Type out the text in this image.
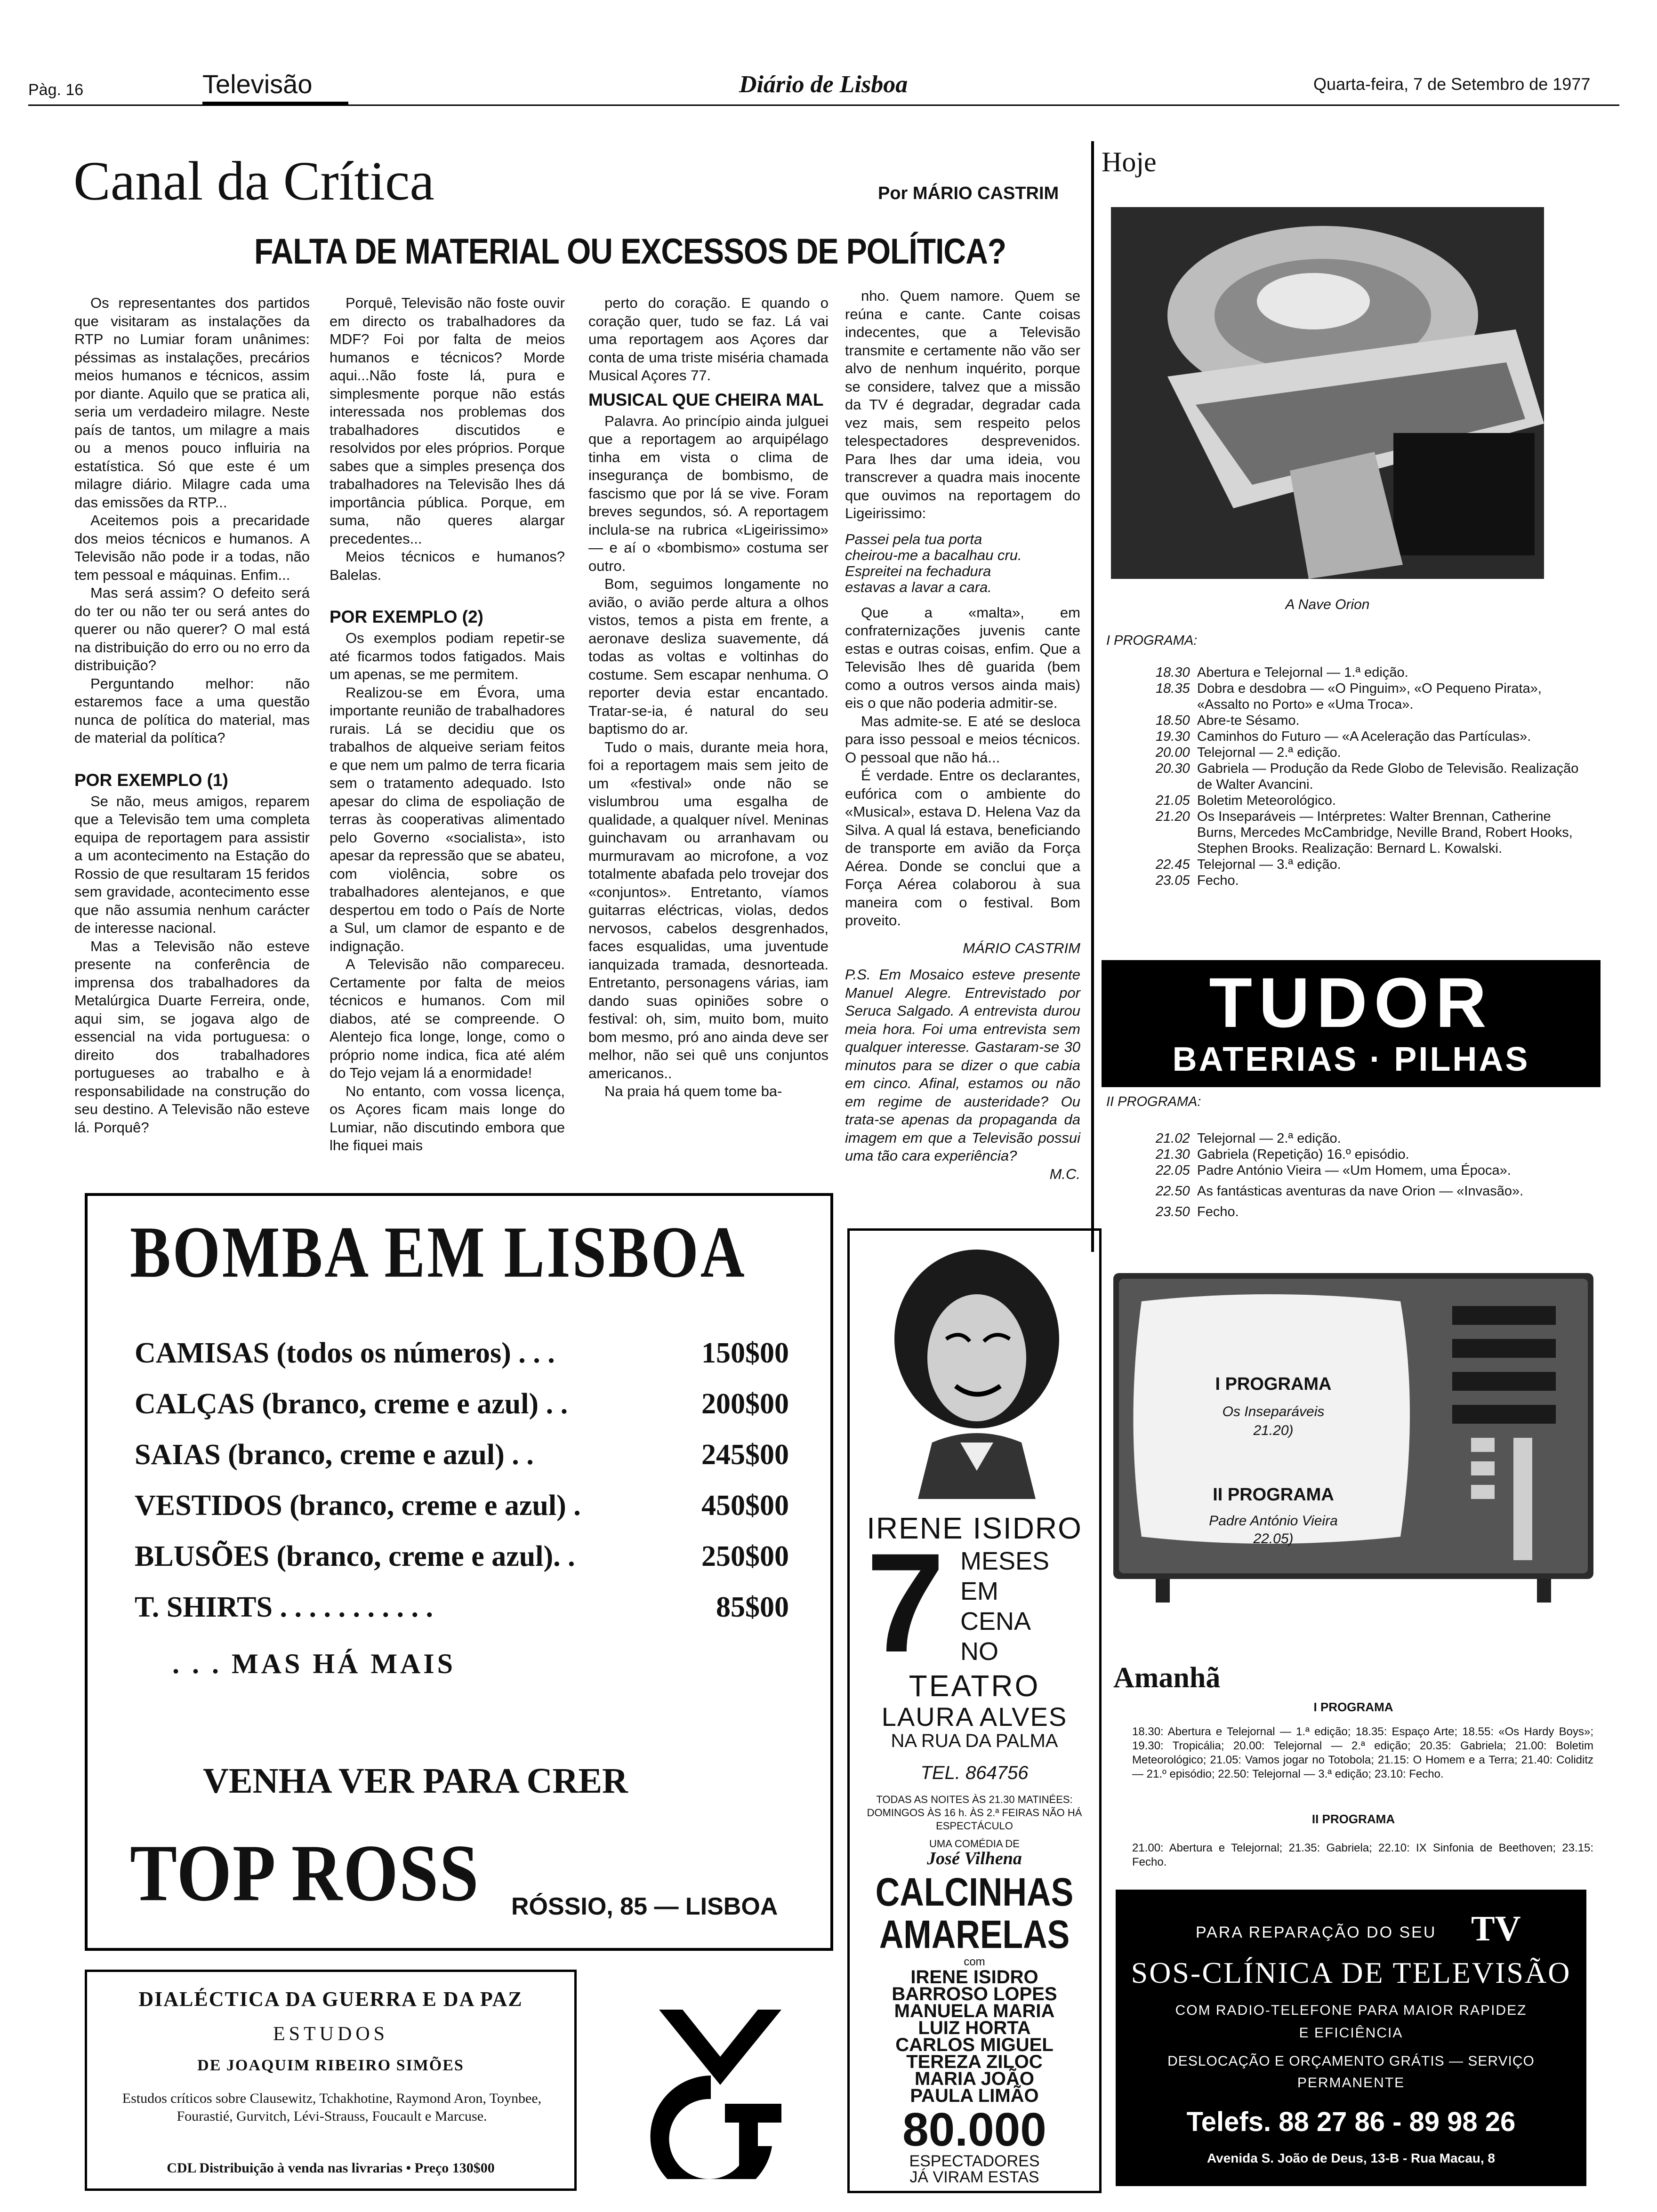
Pàg. 16	Televisão	Diário de Lisboa	Quarta-feira, 7 de Setembro de 1977
Canal da Crítica	Por MÁRIO CASTRIM
FALTA DE MATERIAL OU EXCESSOS DE POLÍTICA?

Os representantes dos partidos que visitaram as instalações da RTP no Lumiar foram unânimes: péssimas as instalações, precários meios humanos e técnicos, assim por diante. Aquilo que se pratica ali, seria um verdadeiro milagre. Neste país de tantos, um milagre a mais ou a menos pouco influiria na estatística. Só que este é um milagre diário. Milagre cada uma das emissões da RTP...

Aceitemos pois a precaridade dos meios técnicos e humanos. A Televisão não pode ir a todas, não tem pessoal e máquinas. Enfim...

Mas será assim? O defeito será do ter ou não ter ou será antes do querer ou não querer? O mal está na distribuição do erro ou no erro da distribuição?

Perguntando melhor: não estaremos face a uma questão nunca de política do material, mas de material da política?

POR EXEMPLO (1)

Se não, meus amigos, reparem que a Televisão tem uma completa equipa de reportagem para assistir a um acontecimento na Estação do Rossio de que resultaram 15 feridos sem gravidade, acontecimento esse que não assumia nenhum carácter de interesse nacional.

Mas a Televisão não esteve presente na conferência de imprensa dos trabalhadores da Metalúrgica Duarte Ferreira, onde, aqui sim, se jogava algo de essencial na vida portuguesa: o direito dos trabalhadores portugueses ao trabalho e à responsabilidade na construção do seu destino. A Televisão não esteve lá. Porquê?

Porquê, Televisão não foste ouvir em directo os trabalhadores da MDF? Foi por falta de meios humanos e técnicos? Morde aqui...Não foste lá, pura e simplesmente porque não estás interessada nos problemas dos trabalhadores discutidos e resolvidos por eles próprios. Porque sabes que a simples presença dos trabalhadores na Televisão lhes dá importância pública. Porque, em suma, não queres alargar precedentes...

Meios técnicos e humanos? Balelas.

POR EXEMPLO (2)

Os exemplos podiam repetir-se até ficarmos todos fatigados. Mais um apenas, se me permitem.

Realizou-se em Évora, uma importante reunião de trabalhadores rurais. Lá se decidiu que os trabalhos de alqueive seriam feitos e que nem um palmo de terra ficaria sem o tratamento adequado. Isto apesar do clima de espoliação de terras às cooperativas alimentado pelo Governo «socialista», isto apesar da repressão que se abateu, com violência, sobre os trabalhadores alentejanos, e que despertou em todo o País de Norte a Sul, um clamor de espanto e de indignação.

A Televisão não compareceu. Certamente por falta de meios técnicos e humanos. Com mil diabos, até se compreende. O Alentejo fica longe, longe, como o próprio nome indica, fica até além do Tejo vejam lá a enormidade!

No entanto, com vossa licença, os Açores ficam mais longe do Lumiar, não discutindo embora que lhe fiquei mais

perto do coração. E quando o coração quer, tudo se faz. Lá vai uma reportagem aos Açores dar conta de uma triste miséria chamada Musical Açores 77.

MUSICAL QUE CHEIRA MAL

Palavra. Ao princípio ainda julguei que a reportagem ao arquipélago tinha em vista o clima de insegurança de bombismo, de fascismo que por lá se vive. Foram breves segundos, só. A reportagem inclula-se na rubrica «Ligeirissimo» — e aí o «bombismo» costuma ser outro.

Bom, seguimos longamente no avião, o avião perde altura a olhos vistos, temos a pista em frente, a aeronave desliza suavemente, dá todas as voltas e voltinhas do costume. Sem escapar nenhuma. O reporter devia estar encantado. Tratar-se-ia, é natural do seu baptismo do ar.

Tudo o mais, durante meia hora, foi a reportagem mais sem jeito de um «festival» onde não se vislumbrou uma esgalha de qualidade, a qualquer nível. Meninas guinchavam ou arranhavam ou murmuravam ao microfone, a voz totalmente abafada pelo trovejar dos «conjuntos». Entretanto, víamos guitarras eléctricas, violas, dedos nervosos, cabelos desgrenhados, faces esqualidas, uma juventude ianquizada tramada, desnorteada. Entretanto, personagens várias, iam dando suas opiniões sobre o festival: oh, sim, muito bom, muito bom mesmo, pró ano ainda deve ser melhor, não sei quê uns conjuntos americanos..

Na praia há quem tome ba-

nho. Quem namore. Quem se reúna e cante. Cante coisas indecentes, que a Televisão transmite e certamente não vão ser alvo de nenhum inquérito, porque se considere, talvez que a missão da TV é degradar, degradar cada vez mais, sem respeito pelos telespectadores desprevenidos. Para lhes dar uma ideia, vou transcrever a quadra mais inocente que ouvimos na reportagem do Ligeirissimo:

Passei pela tua porta
cheirou-me a bacalhau cru.
Espreitei na fechadura
estavas a lavar a cara.

Que a «malta», em confraternizações juvenis cante estas e outras coisas, enfim. Que a Televisão lhes dê guarida (bem como a outros versos ainda mais) eis o que não poderia admitir-se.

Mas admite-se. E até se desloca para isso pessoal e meios técnicos. O pessoal que não há...

É verdade. Entre os declarantes, eufórica com o ambiente do «Musical», estava D. Helena Vaz da Silva. A qual lá estava, beneficiando de transporte em avião da Força Aérea. Donde se conclui que a Força Aérea colaborou à sua maneira com o festival. Bom proveito.

MÁRIO CASTRIM

P.S. Em Mosaico esteve presente Manuel Alegre. Entrevistado por Seruca Salgado. A entrevista durou meia hora. Foi uma entrevista sem qualquer interesse. Gastaram-se 30 minutos para se dizer o que cabia em cinco. Afinal, estamos ou não em regime de austeridade? Ou trata-se apenas da propaganda da imagem em que a Televisão possui uma tão cara experiência?

M.C.
BOMBA EM LISBOA
CAMISAS (todos os números) . . .	150$00
CALÇAS (branco, creme e azul) . .	200$00
SAIAS (branco, creme e azul) . .	245$00
VESTIDOS (branco, creme e azul) .	450$00
BLUSÕES (branco, creme e azul). .	250$00
T. SHIRTS . . . . . . . . . . .	85$00
. . . MAS HÁ MAIS
VENHA VER PARA CRER
TOP ROSS RÓSSIO, 85 — LISBOA
DIALÉCTICA DA GUERRA E DA PAZ
ESTUDOS
DE JOAQUIM RIBEIRO SIMÕES
Estudos críticos sobre Clausewitz, Tchakhotine, Raymond Aron, Toynbee, Fourastié, Gurvitch, Lévi-Strauss, Foucault e Marcuse.
CDL Distribuição à venda nas livrarias • Preço 130$00
IRENE ISIDRO
7 MESES
EM
CENA
NO
TEATRO
LAURA ALVES
NA RUA DA PALMA
TEL. 864756
TODAS AS NOITES ÀS 21.30 MATINÉES: DOMINGOS ÀS 16 h. ÀS 2.ª FEIRAS NÃO HÁ ESPECTÁCULO
UMA COMÉDIA DE
José Vilhena
CALCINHAS
AMARELAS
com
IRENE ISIDRO
BARROSO LOPES
MANUELA MARIA
LUIZ HORTA
CARLOS MIGUEL
TEREZA ZILOC
MARIA JOÃO
PAULA LIMÃO
80.000
ESPECTADORES
JÁ VIRAM ESTAS
Hoje
A Nave Orion
I PROGRAMA:
18.30 Abertura e Telejornal — 1.ª edição.
18.35 Dobra e desdobra — «O Pinguim», «O Pequeno Pirata», «Assalto no Porto» e «Uma Troca».
18.50 Abre-te Sésamo.
19.30 Caminhos do Futuro — «A Aceleração das Partículas».
20.00 Telejornal — 2.ª edição.
20.30 Gabriela — Produção da Rede Globo de Televisão. Realização de Walter Avancini.
21.05 Boletim Meteorológico.
21.20 Os Inseparáveis — Intérpretes: Walter Brennan, Catherine Burns, Mercedes McCambridge, Neville Brand, Robert Hooks, Stephen Brooks. Realização: Bernard L. Kowalski.
22.45 Telejornal — 3.ª edição.
23.05 Fecho.
TUDOR
BATERIAS · PILHAS
II PROGRAMA:
21.02 Telejornal — 2.ª edição.
21.30 Gabriela (Repetição) 16.º episódio.
22.05 Padre António Vieira — «Um Homem, uma Época».
22.50 As fantásticas aventuras da nave Orion — «Invasão».
23.50 Fecho.
I PROGRAMA
Os Inseparáveis
21.20)
II PROGRAMA
Padre António Vieira
22.05)
Amanhã
I PROGRAMA
18.30: Abertura e Telejornal — 1.ª edição; 18.35: Espaço Arte; 18.55: «Os Hardy Boys»; 19.30: Tropicália; 20.00: Telejornal — 2.ª edição; 20.35: Gabriela; 21.00: Boletim Meteorológico; 21.05: Vamos jogar no Totobola; 21.15: O Homem e a Terra; 21.40: Coliditz — 21.º episódio; 22.50: Telejornal — 3.ª edição; 23.10: Fecho.
II PROGRAMA
21.00: Abertura e Telejornal; 21.35: Gabriela; 22.10: IX Sinfonia de Beethoven; 23.15: Fecho.
PARA REPARAÇÃO DO SEU TV
SOS-CLÍNICA DE TELEVISÃO
COM RADIO-TELEFONE PARA MAIOR RAPIDEZ
E EFICIÊNCIA
DESLOCAÇÃO E ORÇAMENTO GRÁTIS — SERVIÇO
PERMANENTE
Telefs. 88 27 86 - 89 98 26
Avenida S. João de Deus, 13-B - Rua Macau, 8
